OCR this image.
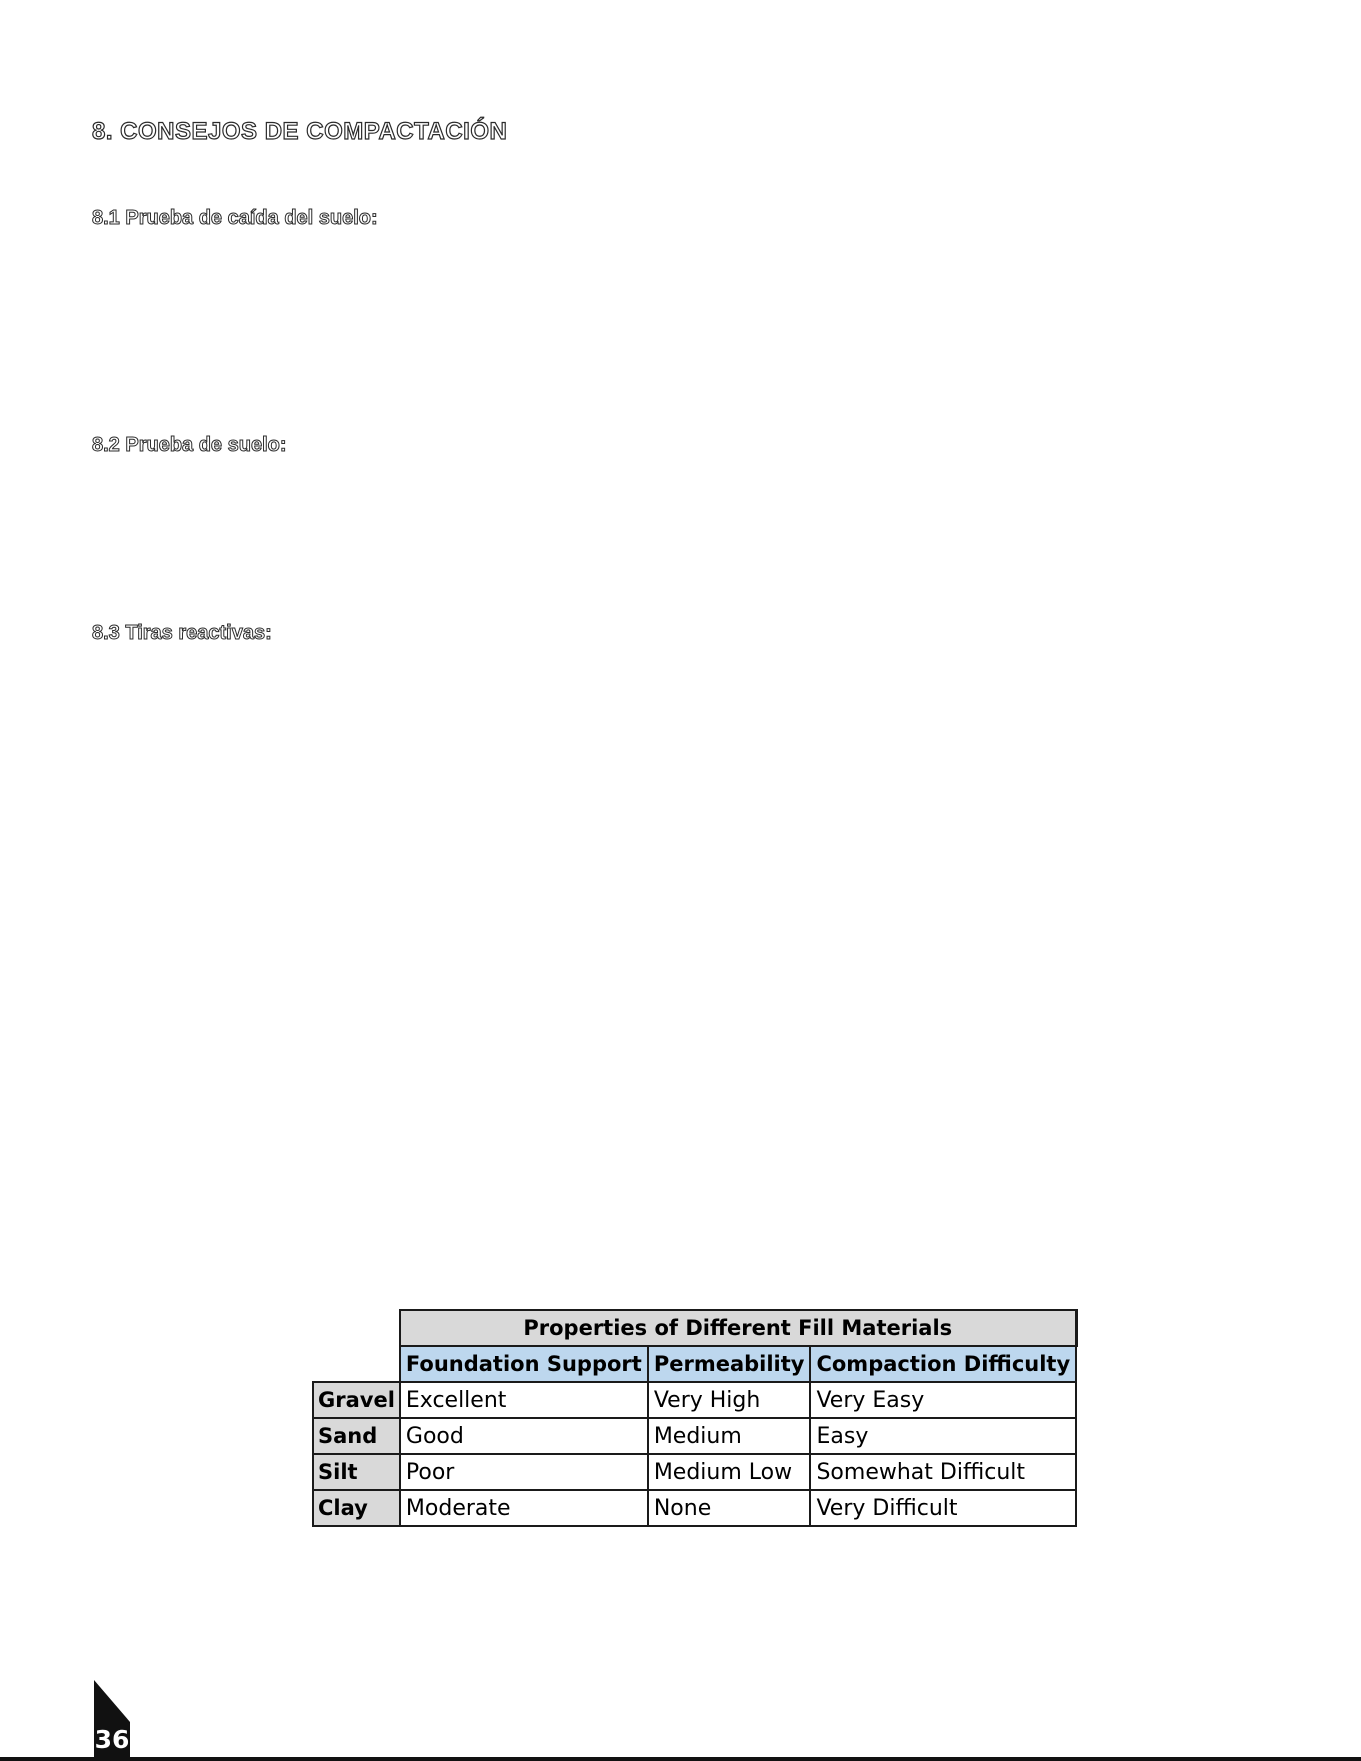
8. CONSEJOS DE COMPACTACIÓN
8.1 Prueba de caída del suelo:
8.2 Prueba de suelo:
8.3 Tiras reactivas:
	Properties of Different Fill Materials		
	Foundation Support	Permeability	Compaction Difficulty
Gravel	Excellent	Very High	Very Easy
Sand	Good	Medium	Easy
Silt	Poor	Medium Low	Somewhat Difficult
Clay	Moderate	None	Very Difficult
36
